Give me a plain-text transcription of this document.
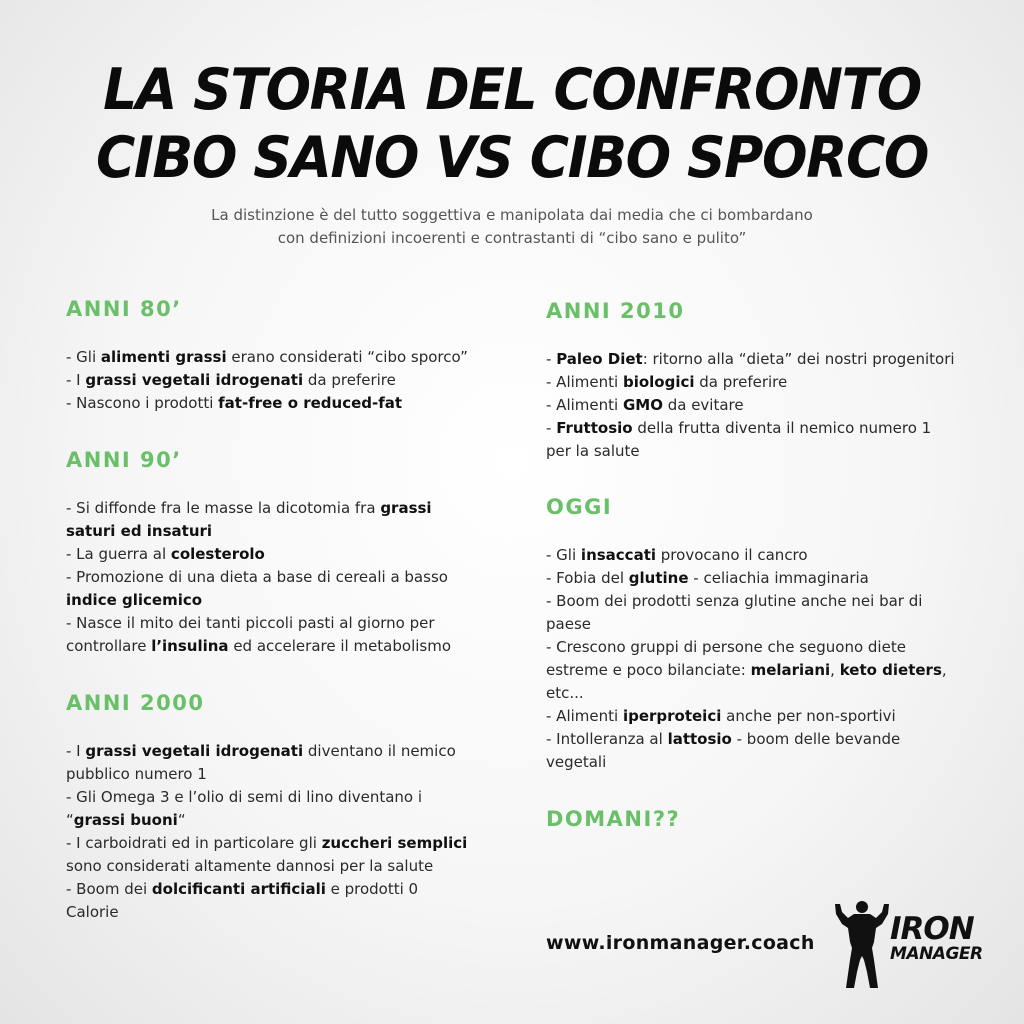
LA STORIA DEL CONFRONTO
CIBO SANO VS CIBO SPORCO
La distinzione è del tutto soggettiva e manipolata dai media che ci bombardano
con definizioni incoerenti e contrastanti di “cibo sano e pulito”
ANNI 80’
- Gli alimenti grassi erano considerati “cibo sporco”
- I grassi vegetali idrogenati da preferire
- Nascono i prodotti fat-free o reduced-fat
ANNI 90’
- Si diffonde fra le masse la dicotomia fra grassi
saturi ed insaturi
- La guerra al colesterolo
- Promozione di una dieta a base di cereali a basso
indice glicemico
- Nasce il mito dei tanti piccoli pasti al giorno per
controllare l’insulina ed accelerare il metabolismo
ANNI 2000
- I grassi vegetali idrogenati diventano il nemico
pubblico numero 1
- Gli Omega 3 e l’olio di semi di lino diventano i
“grassi buoni“
- I carboidrati ed in particolare gli zuccheri semplici
sono considerati altamente dannosi per la salute
- Boom dei dolcificanti artificiali e prodotti 0
Calorie
ANNI 2010
- Paleo Diet: ritorno alla “dieta” dei nostri progenitori
- Alimenti biologici da preferire
- Alimenti GMO da evitare
- Fruttosio della frutta diventa il nemico numero 1
per la salute
OGGI
- Gli insaccati provocano il cancro
- Fobia del glutine - celiachia immaginaria
- Boom dei prodotti senza glutine anche nei bar di
paese
- Crescono gruppi di persone che seguono diete
estreme e poco bilanciate: melariani, keto dieters,
etc...
- Alimenti iperproteici anche per non-sportivi
- Intolleranza al lattosio - boom delle bevande
vegetali
DOMANI??
www.ironmanager.coach IRON
MANAGER
